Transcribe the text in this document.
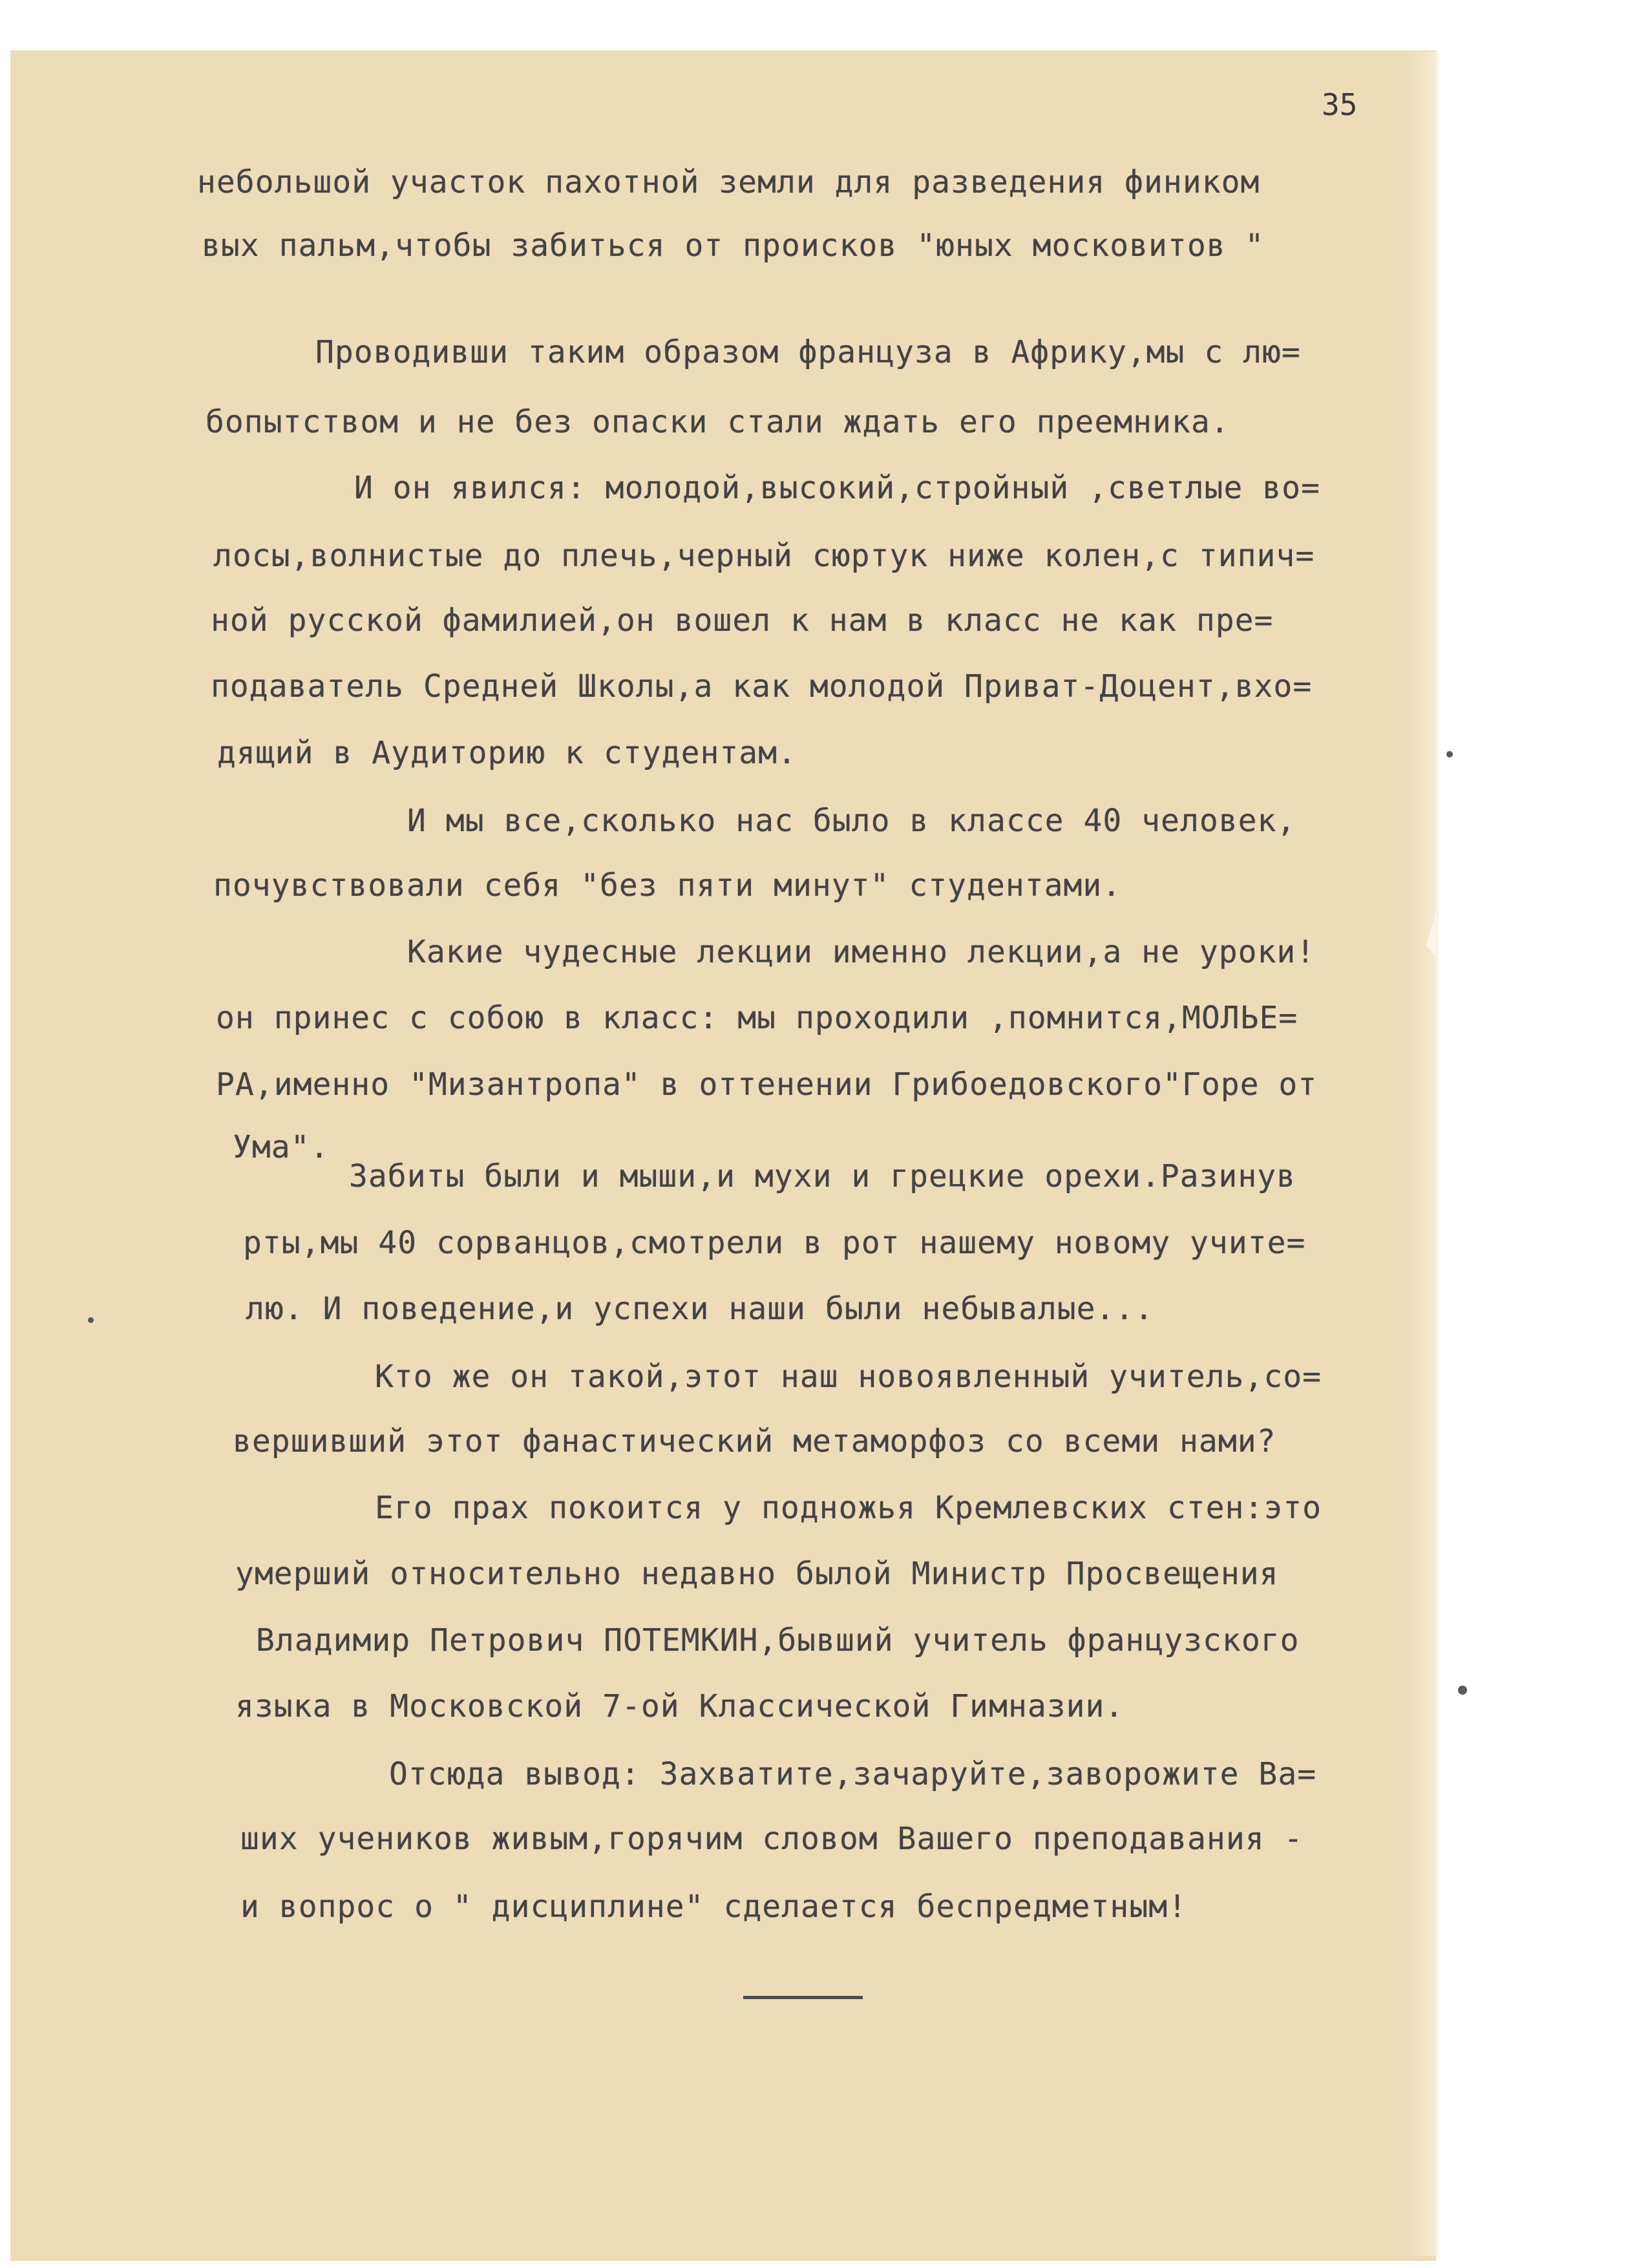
35
небольшой участок пахотной земли для разведения фиником
вых пальм,чтобы забиться от происков "юных московитов "
Проводивши таким образом француза в Африку,мы с лю=
бопытством и не без опаски стали ждать его преемника.
И он явился: молодой,высокий,стройный ,светлые во=
лосы,волнистые до плечь,черный сюртук ниже колен,с типич=
ной русской фамилией,он вошел к нам в класс не как пре=
подаватель Средней Школы,а как молодой Приват-Доцент,вхо=
дящий в Аудиторию к студентам.
И мы все,сколько нас было в классе 40 человек,
почувствовали себя "без пяти минут" студентами.
Какие чудесные лекции именно лекции,а не уроки!
он принес с собою в класс: мы проходили ,помнится,МОЛЬЕ=
РА,именно "Мизантропа" в оттенении Грибоедовского"Горе от
Ума".
Забиты были и мыши,и мухи и грецкие орехи.Разинув
рты,мы 40 сорванцов,смотрели в рот нашему новому учите=
лю. И поведение,и успехи наши были небывалые...
Кто же он такой,этот наш новоявленный учитель,со=
вершивший этот фанастический метаморфоз со всеми нами?
Его прах покоится у подножья Кремлевских стен:это
умерший относительно недавно былой Министр Просвещения
Владимир Петрович ПОТЕМКИН,бывший учитель французского
языка в Московской 7-ой Классической Гимназии.
Отсюда вывод: Захватите,зачаруйте,заворожите Ва=
ших учеников живым,горячим словом Вашего преподавания -
и вопрос о " дисциплине" сделается беспредметным!
